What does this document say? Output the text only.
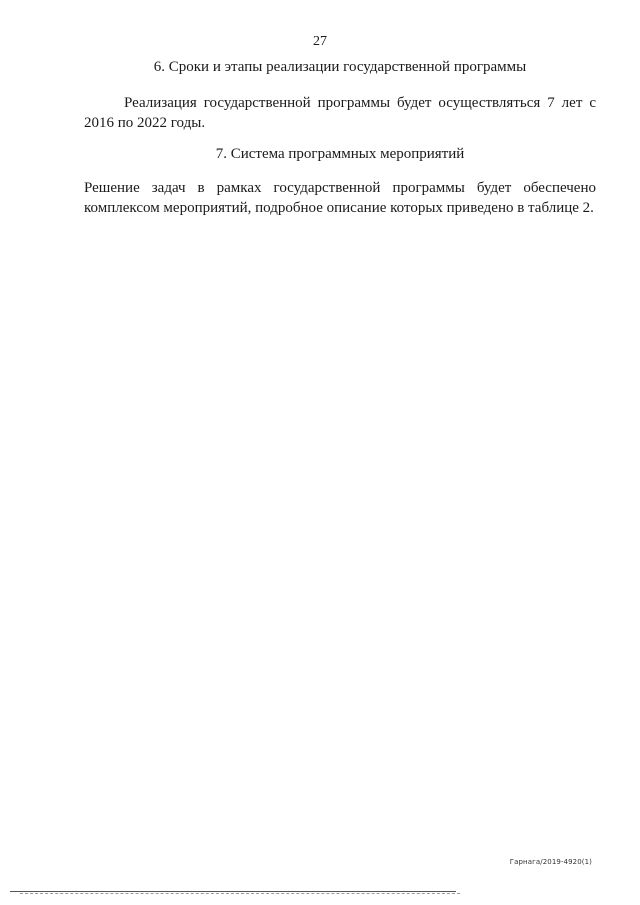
27
6. Сроки и этапы реализации государственной программы

Реализация государственной программы будет осуществляться 7 лет с 2016 по 2022 годы.

7. Система программных мероприятий

Решение задач в рамках государственной программы будет обеспечено комплексом мероприятий, подробное описание которых приведено в таблице 2.

Гарнага/2019-4920(1)
